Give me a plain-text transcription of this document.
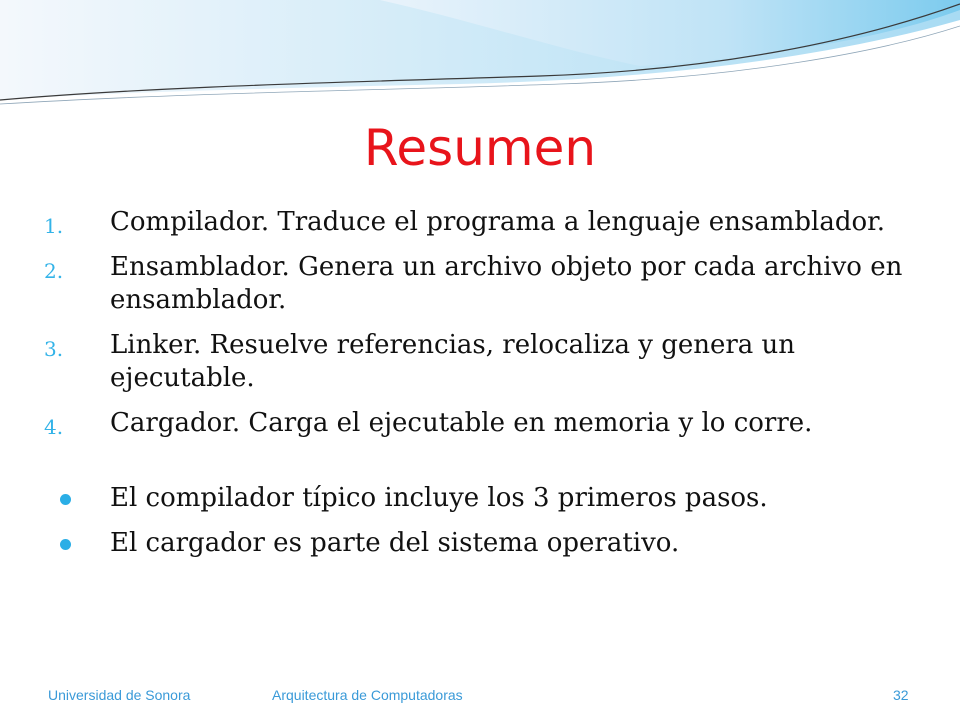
Resumen
1.	Compilador. Traduce el programa a lenguaje ensamblador.
2.	Ensamblador. Genera un archivo objeto por cada archivo en ensamblador.
3.	Linker. Resuelve referencias, relocaliza y genera un ejecutable.
4.	Cargador. Carga el ejecutable en memoria y lo corre.
El compilador típico incluye los 3 primeros pasos.
El cargador es parte del sistema operativo.
Universidad de Sonora	Arquitectura de Computadoras	32
